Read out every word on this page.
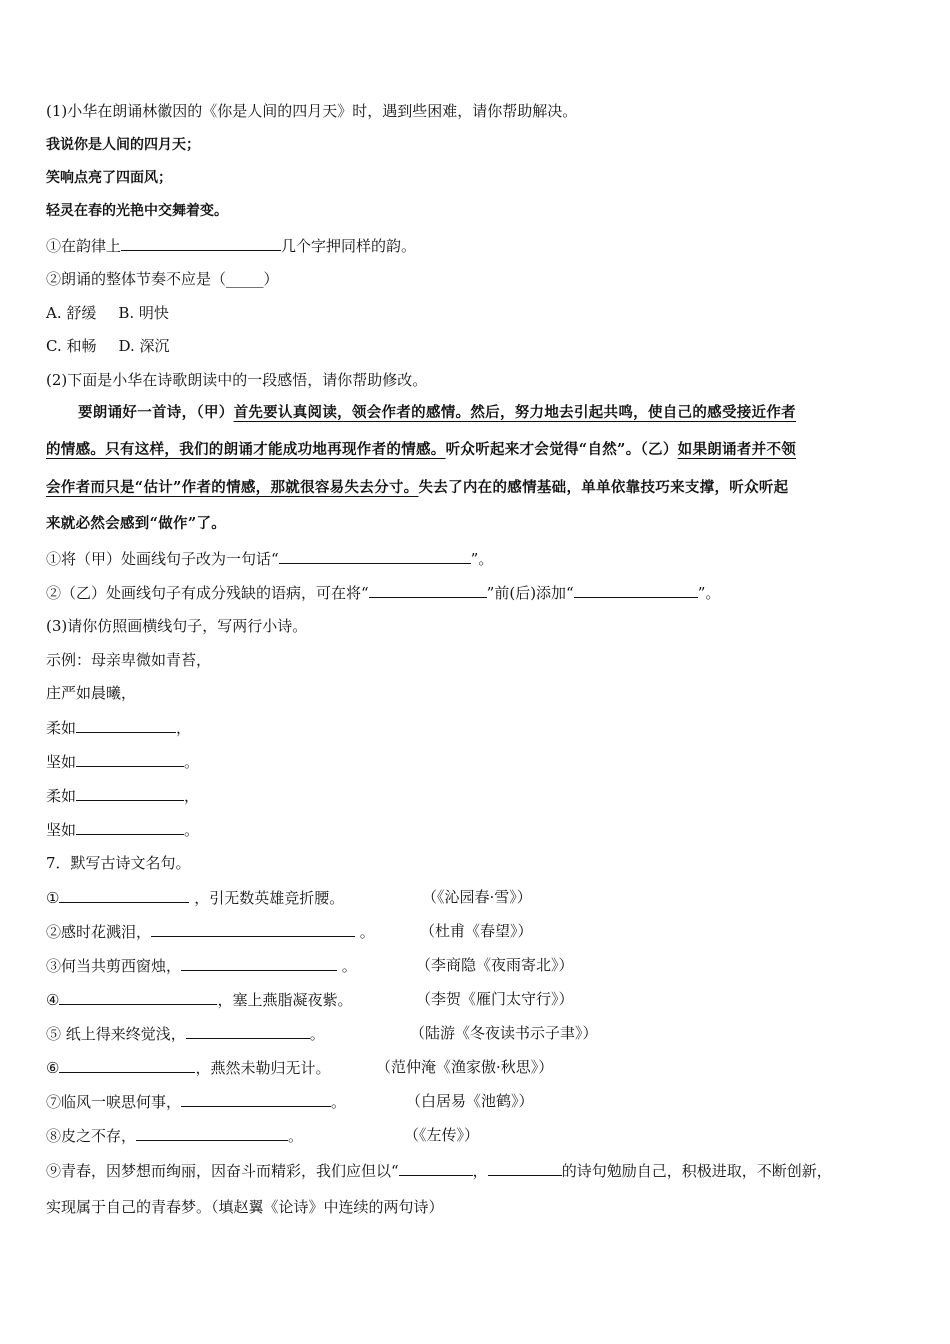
(1)小华在朗诵林徽因的《你是人间的四月天》时，遇到些困难，请你帮助解决。
我说你是人间的四月天；
笑响点亮了四面风；
轻灵在春的光艳中交舞着变。
①在韵律上	几个字押同样的韵。
②朗诵的整体节奏不应是（_____）
A. 舒缓 B. 明快
C. 和畅 D. 深沉
(2)下面是小华在诗歌朗读中的一段感悟，请你帮助修改。
要朗诵好一首诗，（甲）首先要认真阅读，领会作者的感情。然后，努力地去引起共鸣，使自己的感受接近作者
的情感。只有这样，我们的朗诵才能成功地再现作者的情感。听众听起来才会觉得“自然”。（乙）如果朗诵者并不领
会作者而只是“估计”作者的情感，那就很容易失去分寸。失去了内在的感情基础，单单依靠技巧来支撑，听众听起
来就必然会感到“做作”了。
①将（甲）处画线句子改为一句话“	”。
②（乙）处画线句子有成分残缺的语病，可在将“	”前(后)添加“	”。
(3)请你仿照画横线句子，写两行小诗。
示例：母亲卑微如青苔，
庄严如晨曦，
柔如	，
坚如	。
柔如	，
坚如	。
7．默写古诗文名句。
①	，引无数英雄竞折腰。	（《沁园春·雪》）
②感时花溅泪，	。	（杜甫《春望》）
③何当共剪西窗烛，	。	（李商隐《夜雨寄北》）
④	，塞上燕脂凝夜紫。	（李贺《雁门太守行》）
⑤ 纸上得来终觉浅，	。	（陆游《冬夜读书示子聿》）
⑥	，燕然未勒归无计。	（范仲淹《渔家傲·秋思》）
⑦临风一唳思何事，	。	（白居易《池鹤》）
⑧皮之不存，	。	（《左传》）
⑨青春，因梦想而绚丽，因奋斗而精彩，我们应但以“	，	的诗句勉励自己，积极进取，不断创新，
实现属于自己的青春梦。（填赵翼《论诗》中连续的两句诗）
